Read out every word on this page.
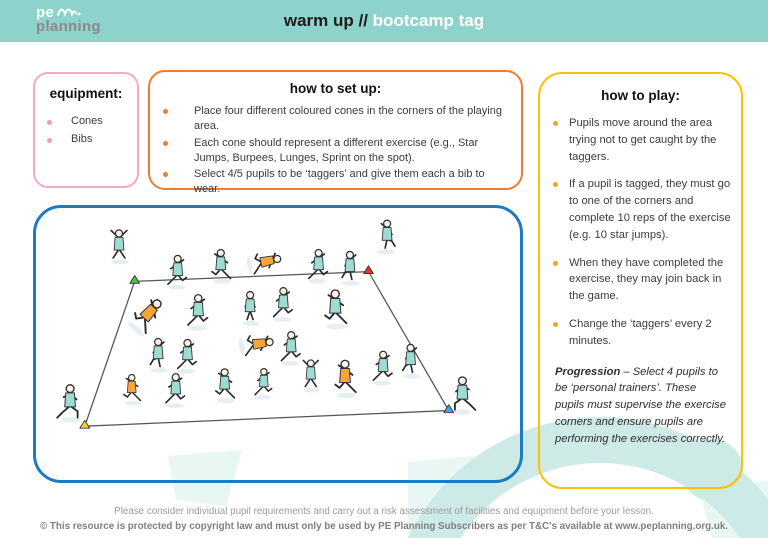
pe
planning	warm up // bootcamp tag
equipment:
Cones
Bibs
how to set up:
Place four different coloured cones in the corners of the playing area.
Each cone should represent a different exercise (e.g., Star Jumps, Burpees, Lunges, Sprint on the spot).
Select 4/5 pupils to be ‘taggers’ and give them each a bib to wear.
how to play:
Pupils move around the area trying not to get caught by the taggers.
If a pupil is tagged, they must go to one of the corners and complete 10 reps of the exercise (e.g. 10 star jumps).
When they have completed the exercise, they may join back in the game.
Change the ‘taggers’ every 2 minutes.
Progression – Select 4 pupils to be ‘personal trainers’. These pupils must supervise the exercise corners and ensure pupils are performing the exercises correctly.
Please consider individual pupil requirements and carry out a risk assessment of facilities and equipment before your lesson.
© This resource is protected by copyright law and must only be used by PE Planning Subscribers as per T&C's available at www.peplanning.org.uk.
